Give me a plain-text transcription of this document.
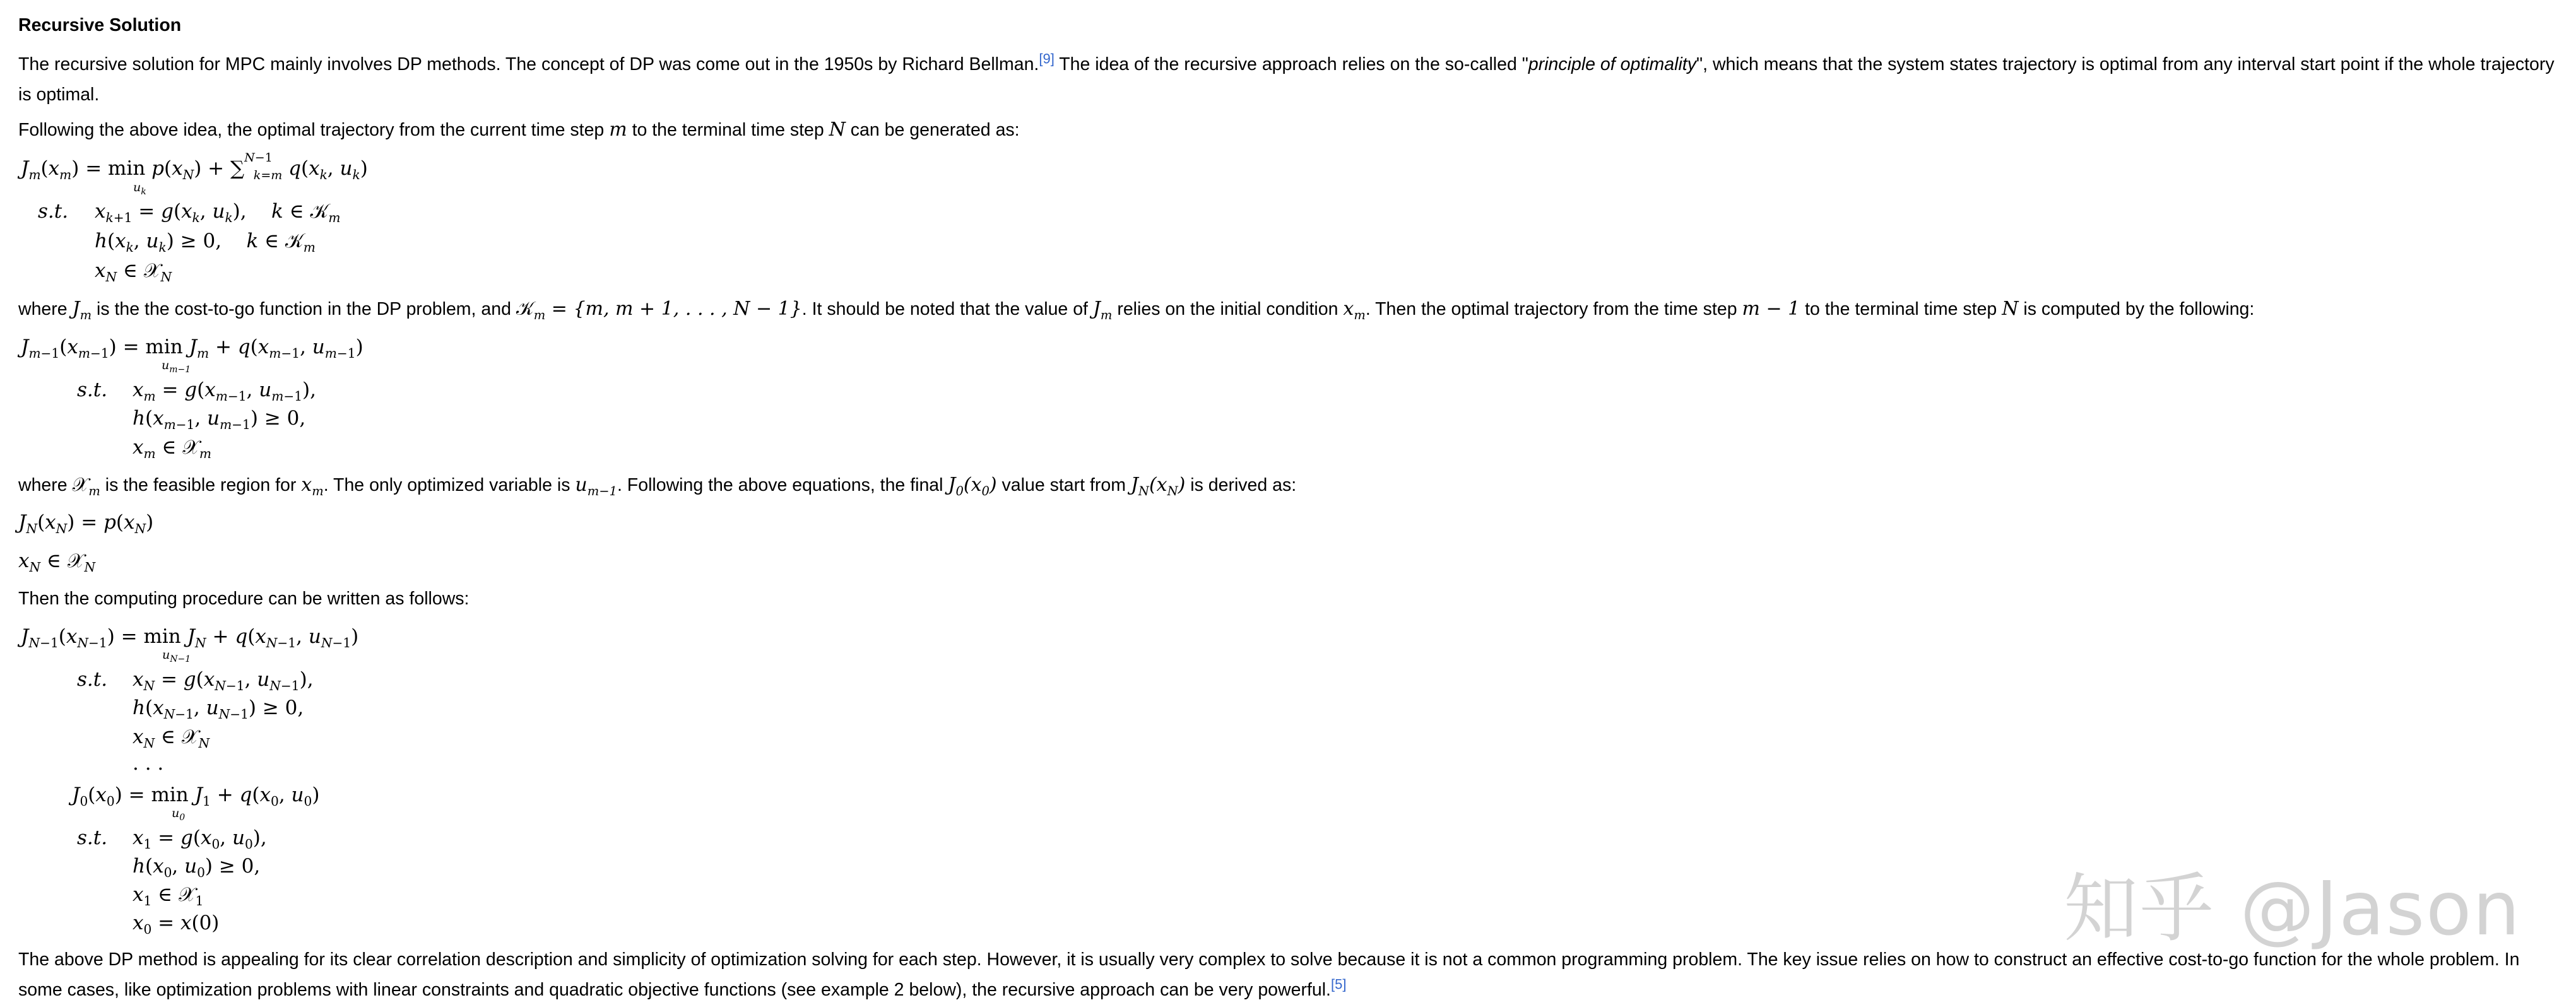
Recursive Solution
The recursive solution for MPC mainly involves DP methods. The concept of DP was come out in the 1950s by Richard Bellman.[9] The idea of the recursive approach relies on the so-called "principle of optimality", which means that the system states trajectory is optimal from any interval start point if the whole trajectory is optimal.
Following the above idea, the optimal trajectory from the current time step m to the terminal time step N can be generated as:
$J_m(x_m) = \min p(x_N) + \sum^{N-1}_{k=m}$ $q(x_k$, $u_k$)
$u_k$
s.t. $x_{k+1} = g(x_k$, $u_k$),    k ∈ 𝒦$_m$
$h(x_k$, $u_k) \ge 0$,    k ∈ 𝒦$_m$
$x_N$ ∈ 𝒳$_N$
where $J_m$ is the the cost-to-go function in the DP problem, and 𝒦$_m$ = {m, m + 1, . . . , N − 1}. It should be noted that the value of $J_m$ relies on the initial condition $x_m$. Then the optimal trajectory from the time step m − 1 to the terminal time step N is computed by the following:
$J_{m-1}(x_{m-1}) = \min J_m + q(x_{m-1}$, $u_{m-1}$)
$u_{m-1}$
s.t. $x_m = g(x_{m-1}$, $u_{m-1}$),
$h(x_{m-1}$, $u_{m-1}) \ge 0$,
$x_m$ ∈ 𝒳$_m$
where 𝒳$_m$ is the feasible region for $x_m$. The only optimized variable is $u_{m-1}$. Following the above equations, the final $J_0(x_0)$ value start from $J_N(x_N)$ is derived as:
$J_N(x_N) = p(x_N)$
$x_N$ ∈ 𝒳$_N$
Then the computing procedure can be written as follows:
$J_{N-1}(x_{N-1}) = \min J_N + q(x_{N-1}$, $u_{N-1}$)
$u_{N-1}$
s.t. $x_N = g(x_{N-1}$, $u_{N-1}$),
$h(x_{N-1}$, $u_{N-1}) \ge 0$,
$x_N$ ∈ 𝒳$_N$
. . .
$J_0(x_0) = \min J_1 + q(x_0$, $u_0$)
$u_0$
s.t. $x_1 = g(x_0$, $u_0$),
$h(x_0$, $u_0) \ge 0$,
$x_1$ ∈ 𝒳$_1$
$x_0 = x(0)$
The above DP method is appealing for its clear correlation description and simplicity of optimization solving for each step. However, it is usually very complex to solve because it is not a common programming problem. The key issue relies on how to construct an effective cost-to-go function for the whole problem. In some cases, like optimization problems with linear constraints and quadratic objective functions (see example 2 below), the recursive approach can be very powerful.[5]
知乎 @Jason
